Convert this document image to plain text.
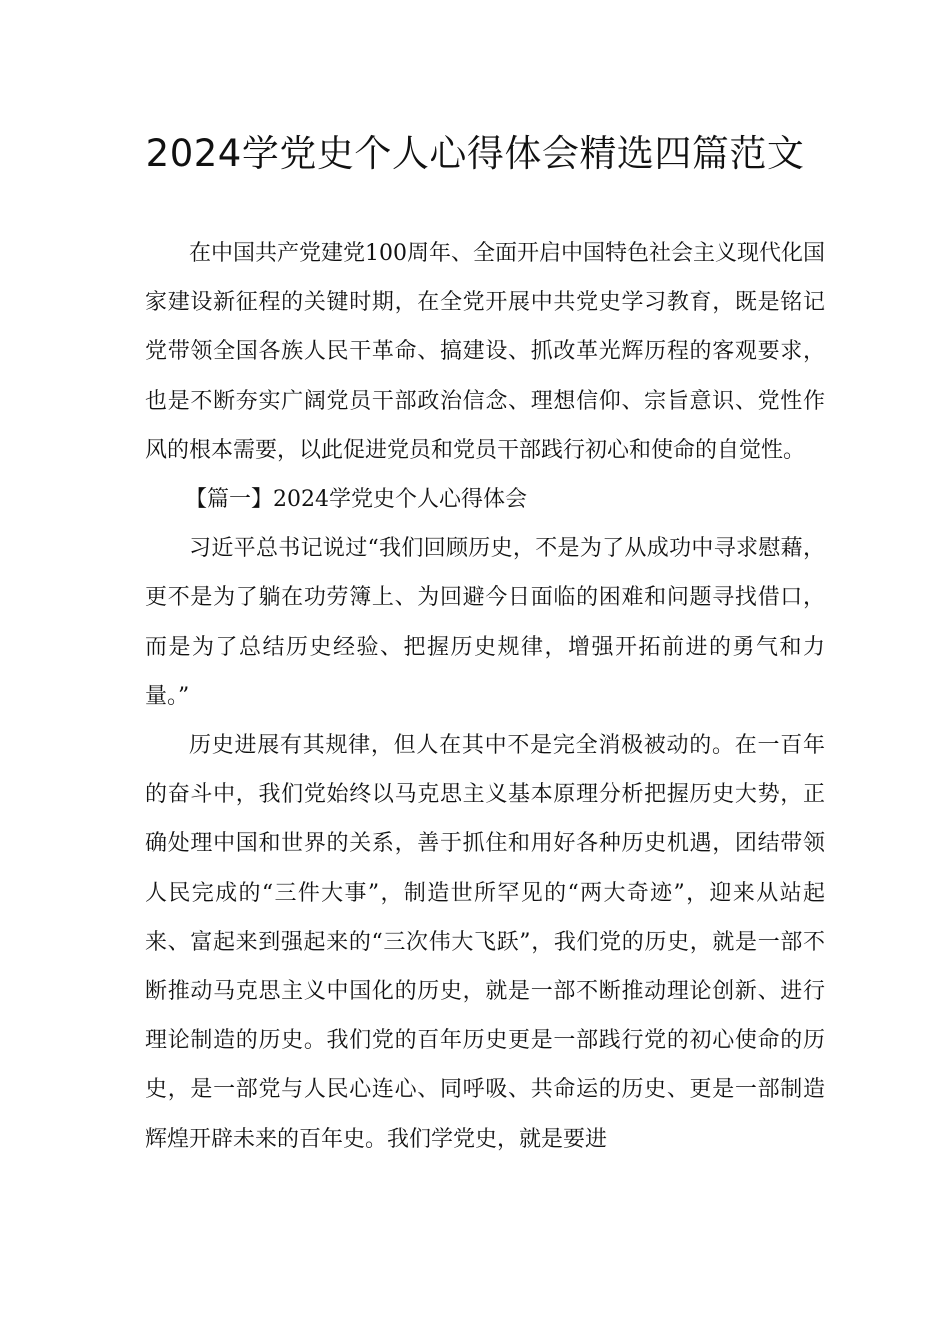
2024学党史个人心得体会精选四篇范文

在中国共产党建党100周年、全面开启中国特色社会主义现代化国家建设新征程的关键时期，在全党开展中共党史学习教育，既是铭记党带领全国各族人民干革命、搞建设、抓改革光辉历程的客观要求，也是不断夯实广阔党员干部政治信念、理想信仰、宗旨意识、党性作风的根本需要，以此促进党员和党员干部践行初心和使命的自觉性。

【篇一】2024学党史个人心得体会

习近平总书记说过“我们回顾历史，不是为了从成功中寻求慰藉，更不是为了躺在功劳簿上、为回避今日面临的困难和问题寻找借口，而是为了总结历史经验、把握历史规律，增强开拓前进的勇气和力量。”

历史进展有其规律，但人在其中不是完全消极被动的。在一百年的奋斗中，我们党始终以马克思主义基本原理分析把握历史大势，正确处理中国和世界的关系，善于抓住和用好各种历史机遇，团结带领人民完成的“三件大事”，制造世所罕见的“两大奇迹”，迎来从站起来、富起来到强起来的“三次伟大飞跃”，我们党的历史，就是一部不断推动马克思主义中国化的历史，就是一部不断推动理论创新、进行理论制造的历史。我们党的百年历史更是一部践行党的初心使命的历史，是一部党与人民心连心、同呼吸、共命运的历史、更是一部制造辉煌开辟未来的百年史。我们学党史，就是要进
